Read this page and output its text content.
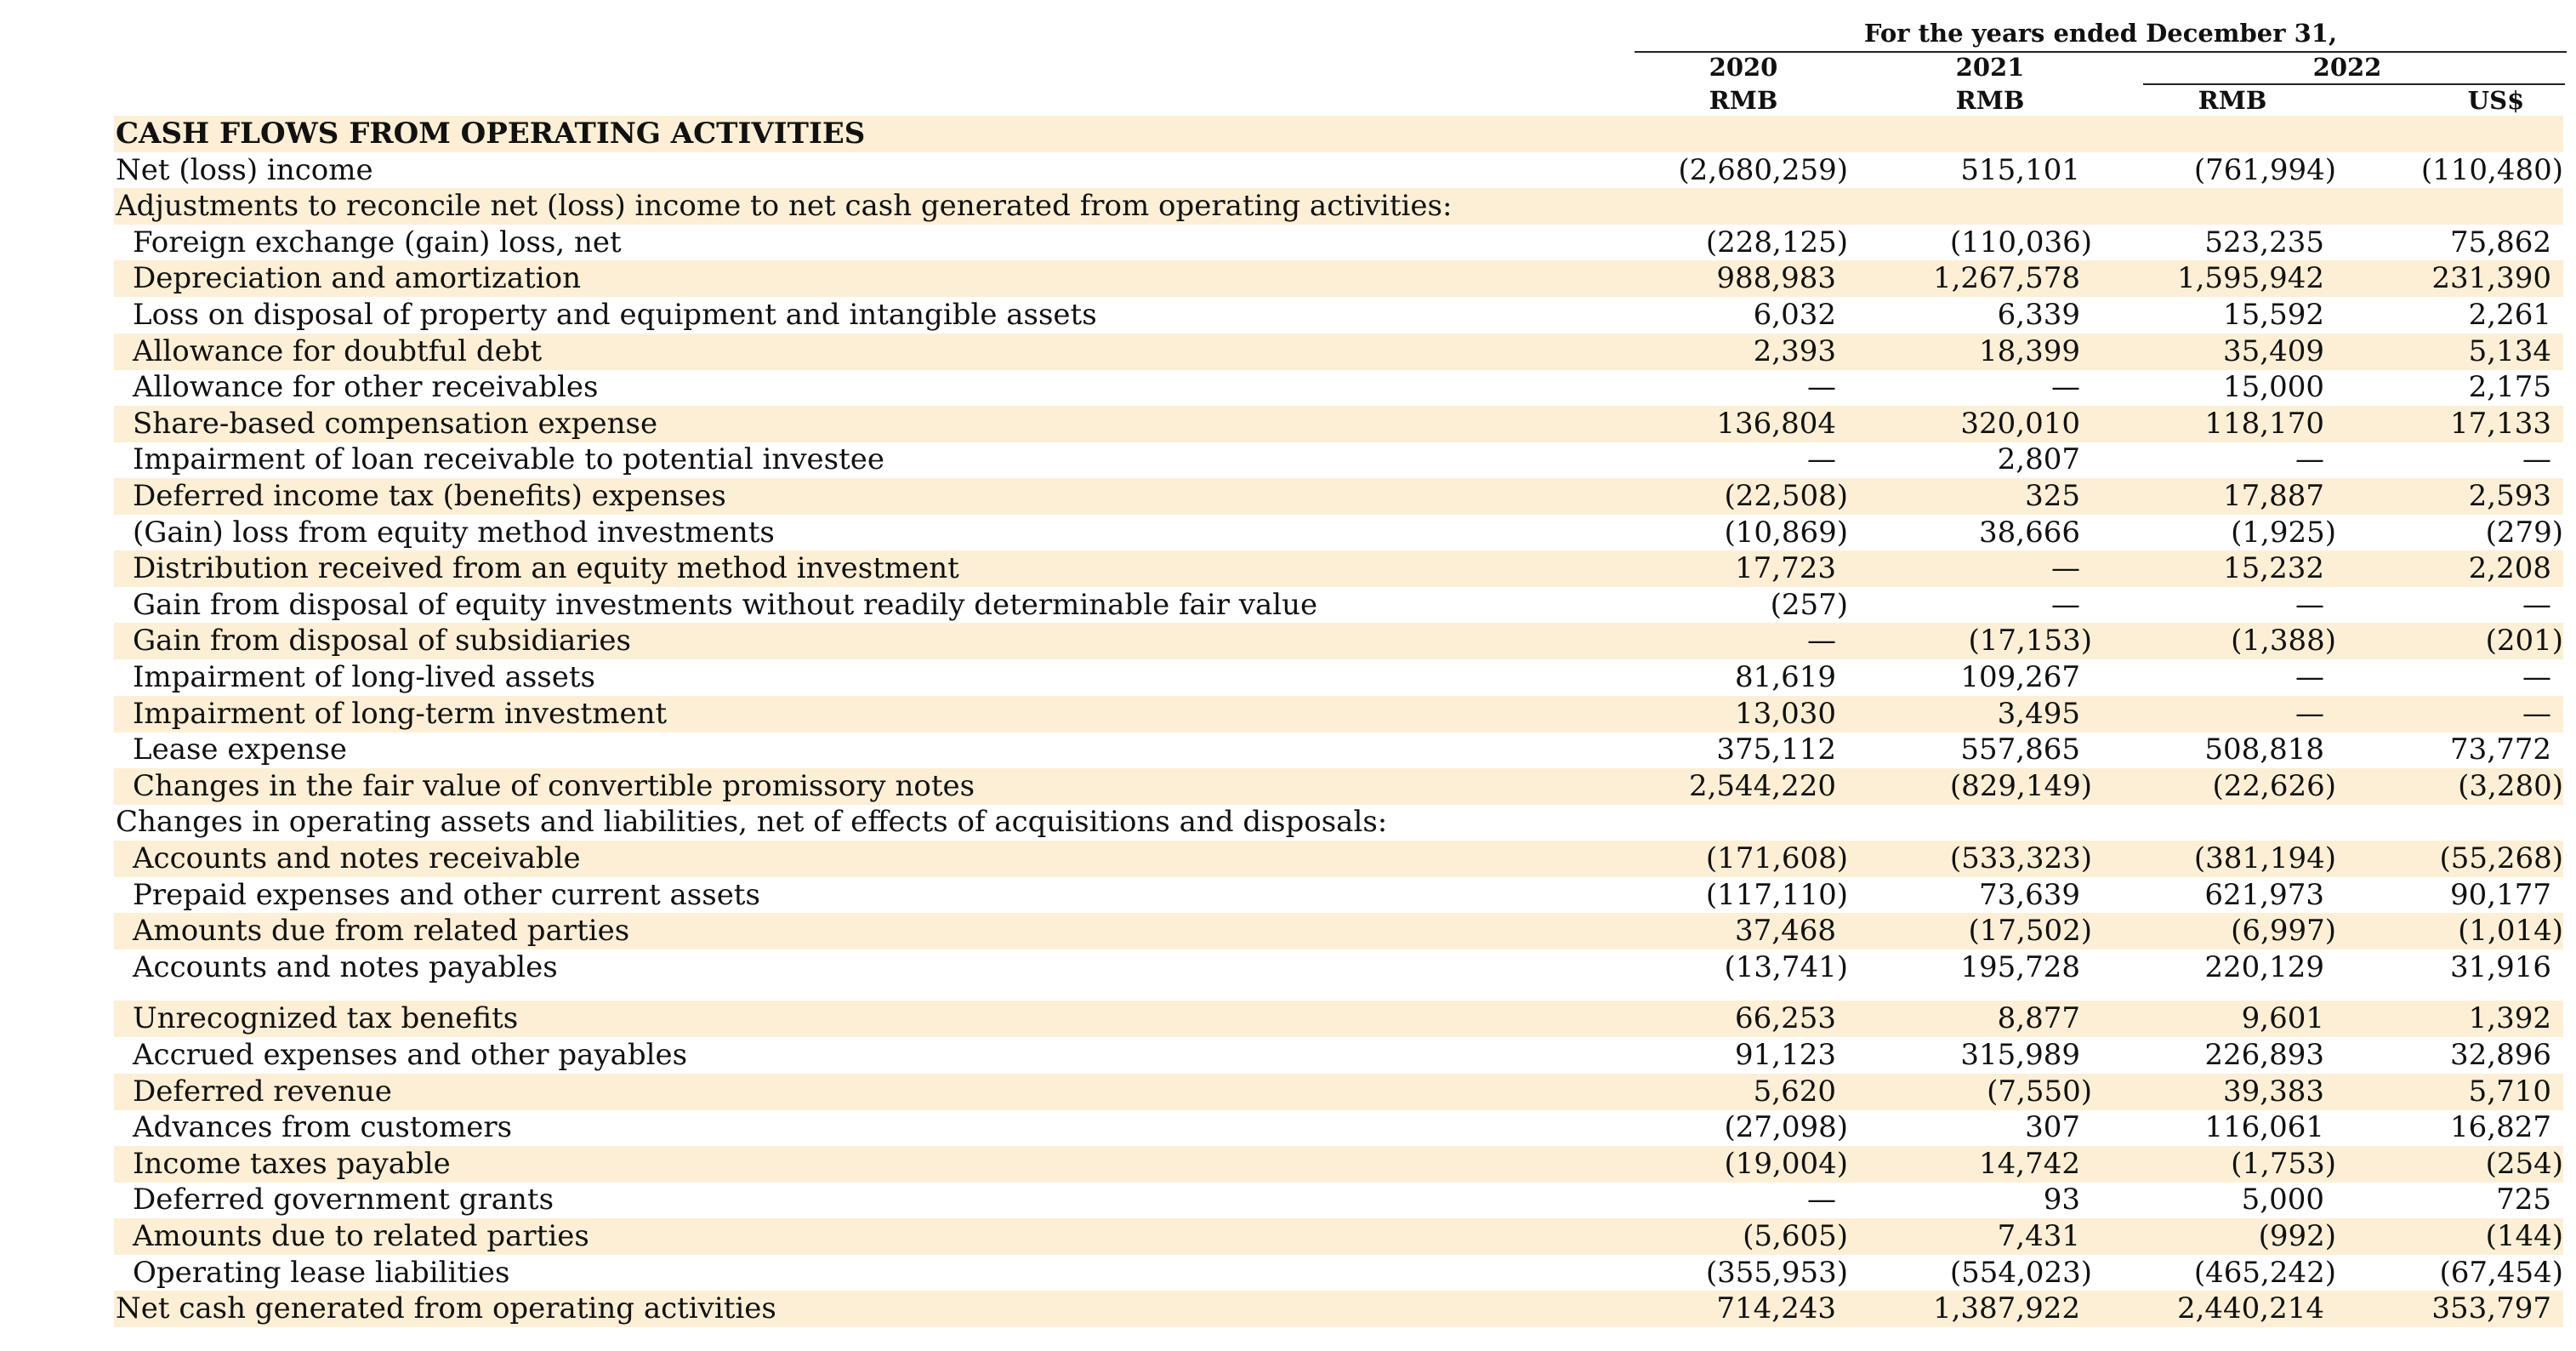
For the years ended December 31,
2020	2021	2022
RMB	RMB	RMB	US$
CASH FLOWS FROM OPERATING ACTIVITIES
Net (loss) income	(2,680,259)	515,101	(761,994)	(110,480)
Adjustments to reconcile net (loss) income to net cash generated from operating activities:
Foreign exchange (gain) loss, net	(228,125)	(110,036)	523,235	75,862
Depreciation and amortization	988,983	1,267,578	1,595,942	231,390
Loss on disposal of property and equipment and intangible assets	6,032	6,339	15,592	2,261
Allowance for doubtful debt	2,393	18,399	35,409	5,134
Allowance for other receivables	—	—	15,000	2,175
Share-based compensation expense	136,804	320,010	118,170	17,133
Impairment of loan receivable to potential investee	—	2,807	—	—
Deferred income tax (benefits) expenses	(22,508)	325	17,887	2,593
(Gain) loss from equity method investments	(10,869)	38,666	(1,925)	(279)
Distribution received from an equity method investment	17,723	—	15,232	2,208
Gain from disposal of equity investments without readily determinable fair value	(257)	—	—	—
Gain from disposal of subsidiaries	—	(17,153)	(1,388)	(201)
Impairment of long-lived assets	81,619	109,267	—	—
Impairment of long-term investment	13,030	3,495	—	—
Lease expense	375,112	557,865	508,818	73,772
Changes in the fair value of convertible promissory notes	2,544,220	(829,149)	(22,626)	(3,280)
Changes in operating assets and liabilities, net of effects of acquisitions and disposals:
Accounts and notes receivable	(171,608)	(533,323)	(381,194)	(55,268)
Prepaid expenses and other current assets	(117,110)	73,639	621,973	90,177
Amounts due from related parties	37,468	(17,502)	(6,997)	(1,014)
Accounts and notes payables	(13,741)	195,728	220,129	31,916
Unrecognized tax benefits	66,253	8,877	9,601	1,392
Accrued expenses and other payables	91,123	315,989	226,893	32,896
Deferred revenue	5,620	(7,550)	39,383	5,710
Advances from customers	(27,098)	307	116,061	16,827
Income taxes payable	(19,004)	14,742	(1,753)	(254)
Deferred government grants	—	93	5,000	725
Amounts due to related parties	(5,605)	7,431	(992)	(144)
Operating lease liabilities	(355,953)	(554,023)	(465,242)	(67,454)
Net cash generated from operating activities	714,243	1,387,922	2,440,214	353,797
